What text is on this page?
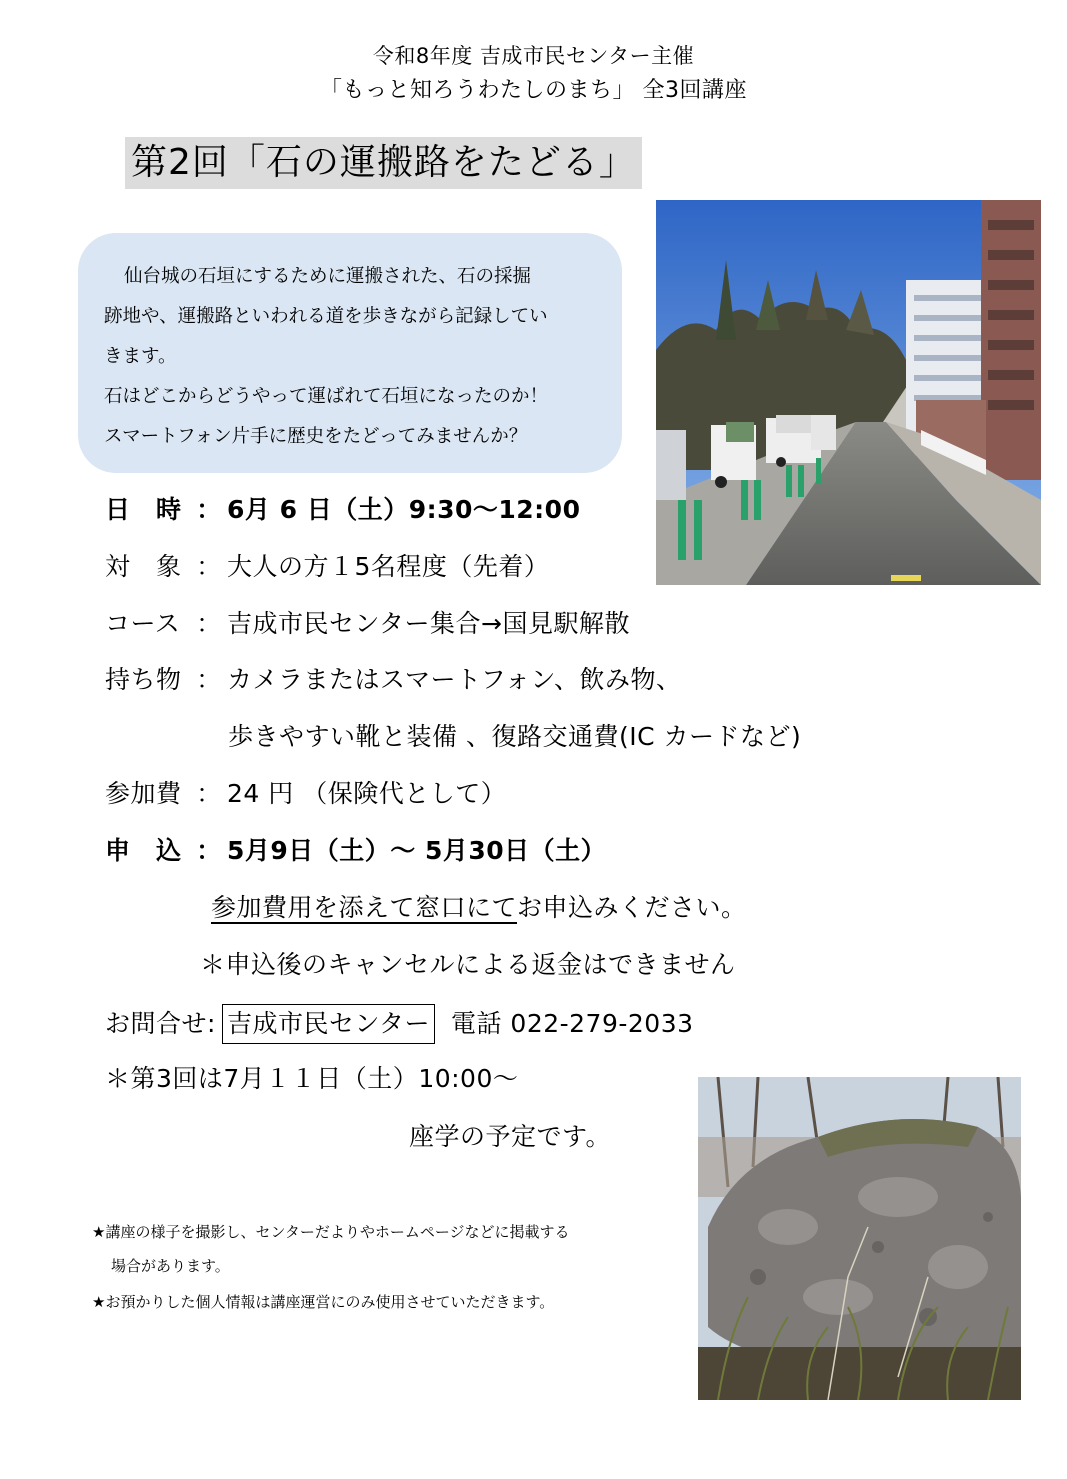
令和8年度 吉成市民センター主催
「もっと知ろうわたしのまち」 全3回講座
第2回「石の運搬路をたどる」
仙台城の石垣にするために運搬された、石の採掘
跡地や、運搬路といわれる道を歩きながら記録してい
きます。
石はどこからどうやって運ばれて石垣になったのか！
スマートフォン片手に歴史をたどってみませんか？
日　時 ： 6月 6 日（土）9:30～12:00
対　象 ： 大人の方１5名程度（先着）
コース ： 吉成市民センター集合→国見駅解散
持ち物 ： カメラまたはスマートフォン、飲み物、
歩きやすい靴と装備 、復路交通費(IC カードなど)
参加費 ： 24 円 （保険代として）
申　込 ： 5月9日（土）～ 5月30日（土）
参加費用を添えて窓口にてお申込みください。
＊申込後のキャンセルによる返金はできません
お問合せ: 吉成市民センター 電話 022-279-2033
＊第3回は7月１１日（土）10:00～
座学の予定です。
★講座の様子を撮影し、センターだよりやホームページなどに掲載する
場合があります。
★お預かりした個人情報は講座運営にのみ使用させていただきます。
